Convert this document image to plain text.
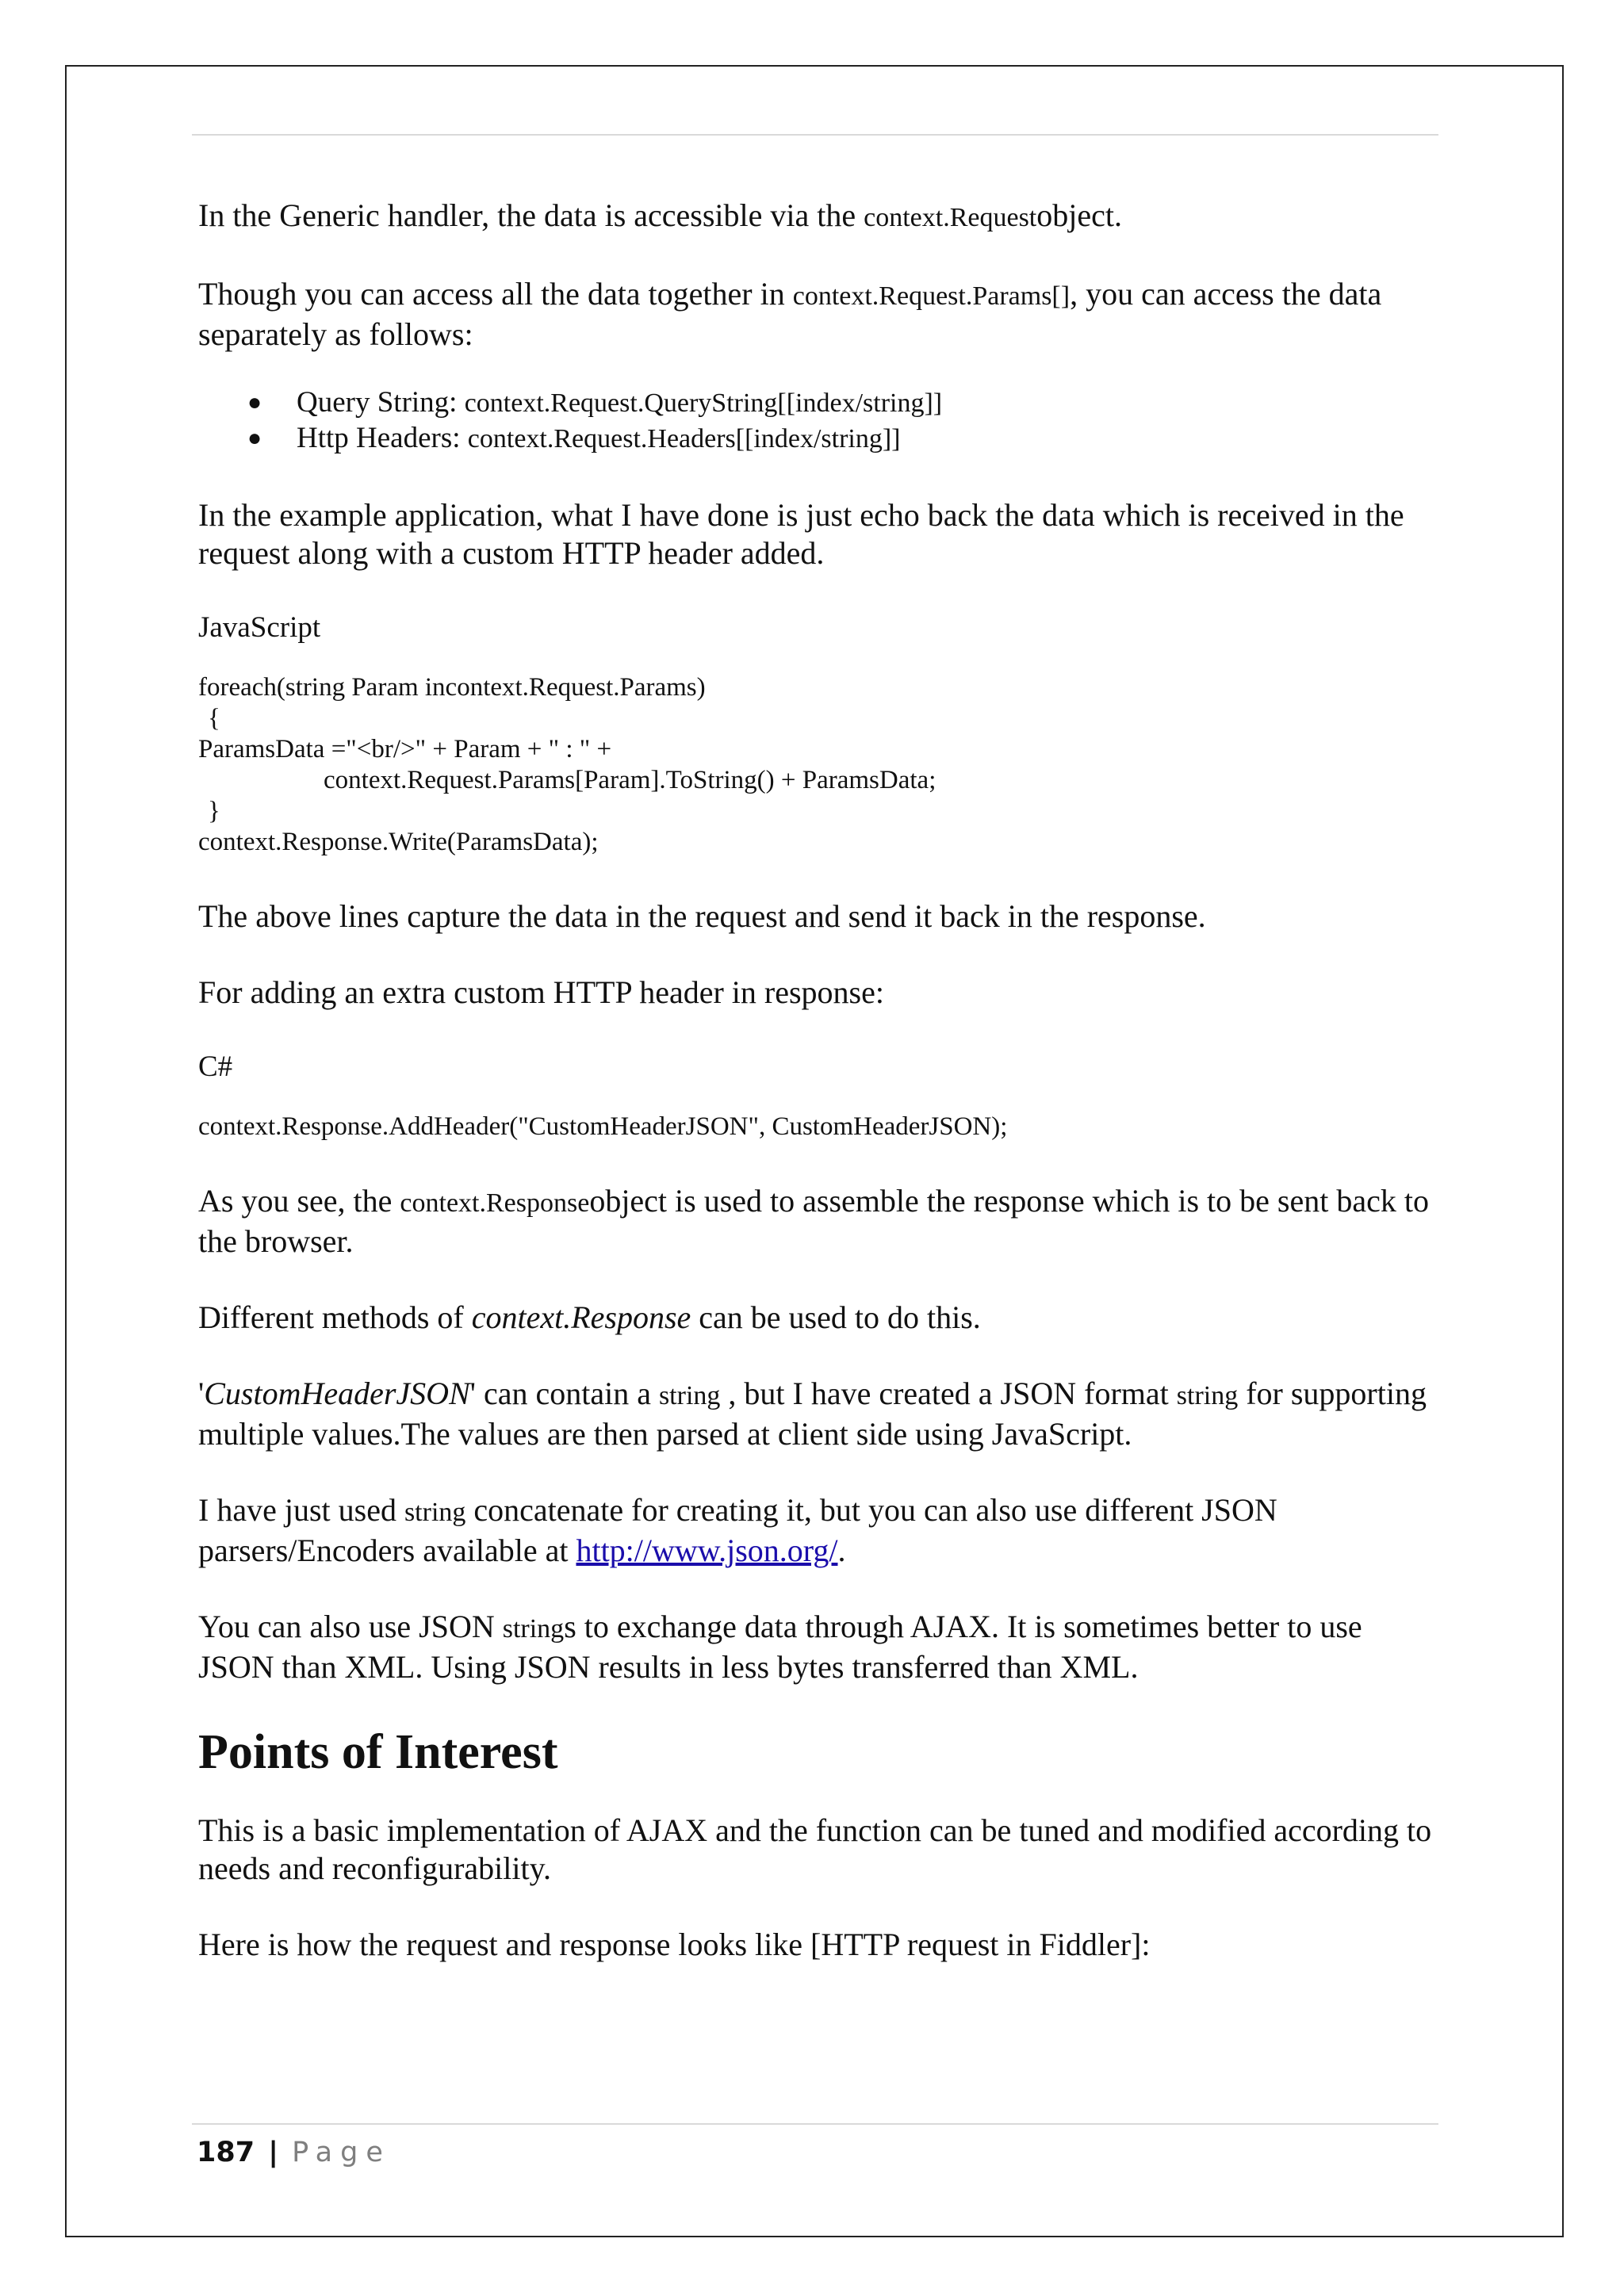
In the Generic handler, the data is accessible via the context.Requestobject.

Though you can access all the data together in context.Request.Params[], you can access the data separately as follows:

● Query String: context.Request.QueryString[[index/string]]
● Http Headers: context.Request.Headers[[index/string]]

In the example application, what I have done is just echo back the data which is received in the request along with a custom HTTP header added.

JavaScript

foreach(string Param incontext.Request.Params)
{
ParamsData ="<br/>" + Param + " : " +
context.Request.Params[Param].ToString() + ParamsData;
}
context.Response.Write(ParamsData);

The above lines capture the data in the request and send it back in the response.

For adding an extra custom HTTP header in response:

C#

context.Response.AddHeader("CustomHeaderJSON", CustomHeaderJSON);

As you see, the context.Responseobject is used to assemble the response which is to be sent back to the browser.

Different methods of context.Response can be used to do this.

'CustomHeaderJSON' can contain a string , but I have created a JSON format string for supporting multiple values.The values are then parsed at client side using JavaScript.

I have just used string concatenate for creating it, but you can also use different JSON parsers/Encoders available at http://www.json.org/.

You can also use JSON strings to exchange data through AJAX. It is sometimes better to use JSON than XML. Using JSON results in less bytes transferred than XML.

Points of Interest

This is a basic implementation of AJAX and the function can be tuned and modified according to needs and reconfigurability.

Here is how the request and response looks like [HTTP request in Fiddler]:

187 | Page
